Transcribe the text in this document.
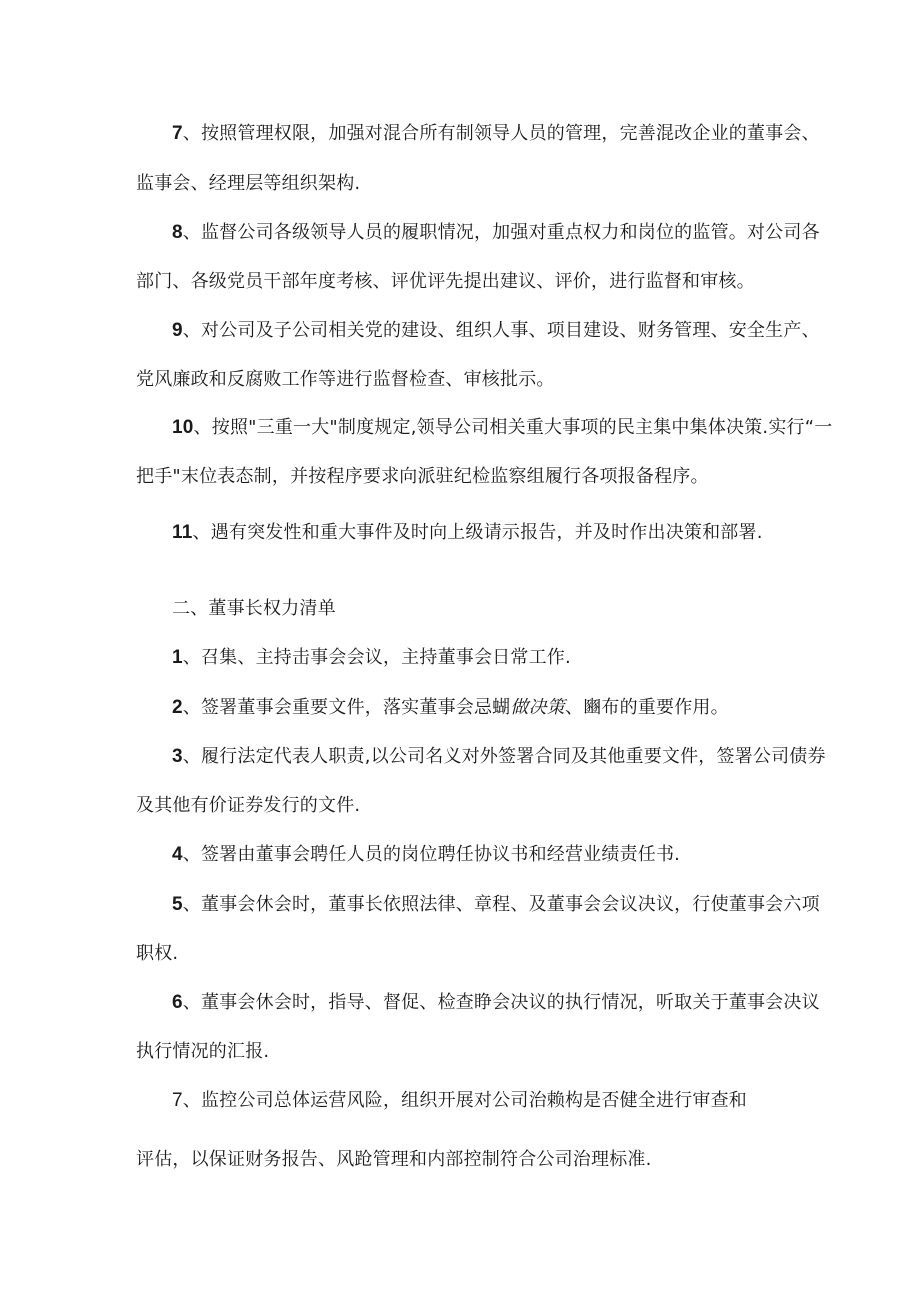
7、按照管理权限，加强对混合所有制领导人员的管理，完善混改企业的董事会、
监事会、经理层等组织架构.
8、监督公司各级领导人员的履职情况，加强对重点权力和岗位的监管。对公司各
部门、各级党员干部年度考核、评优评先提出建议、评价，进行监督和审核。
9、对公司及子公司相关党的建设、组织人事、项目建设、财务管理、安全生产、
党风廉政和反腐败工作等进行监督检查、审核批示。
10、按照"三重一大"制度规定,领导公司相关重大事项的民主集中集体决策.实行“一
把手"末位表态制，并按程序要求向派驻纪检监察组履行各项报备程序。
11、遇有突发性和重大事件及时向上级请示报告，并及时作出决策和部署.
二、董事长权力清单
1、召集、主持击事会会议，主持董事会日常工作.
2、签署董事会重要文件，落实董事会忌蝴做决策、豳布的重要作用。
3、履行法定代表人职责,以公司名义对外签署合同及其他重要文件，签署公司债券
及其他有价证券发行的文件.
4、签署由董事会聘任人员的岗位聘任协议书和经营业绩责任书.
5、董事会休会时，董事长依照法律、章程、及董事会会议决议，行使董事会六项
职权.
6、董事会休会时，指导、督促、检查睁会决议的执行情况，听取关于董事会决议
执行情况的汇报.
7、监控公司总体运营风险，组织开展对公司治赖构是否健全进行审查和
评估，以保证财务报告、风跄管理和内部控制符合公司治理标准.
